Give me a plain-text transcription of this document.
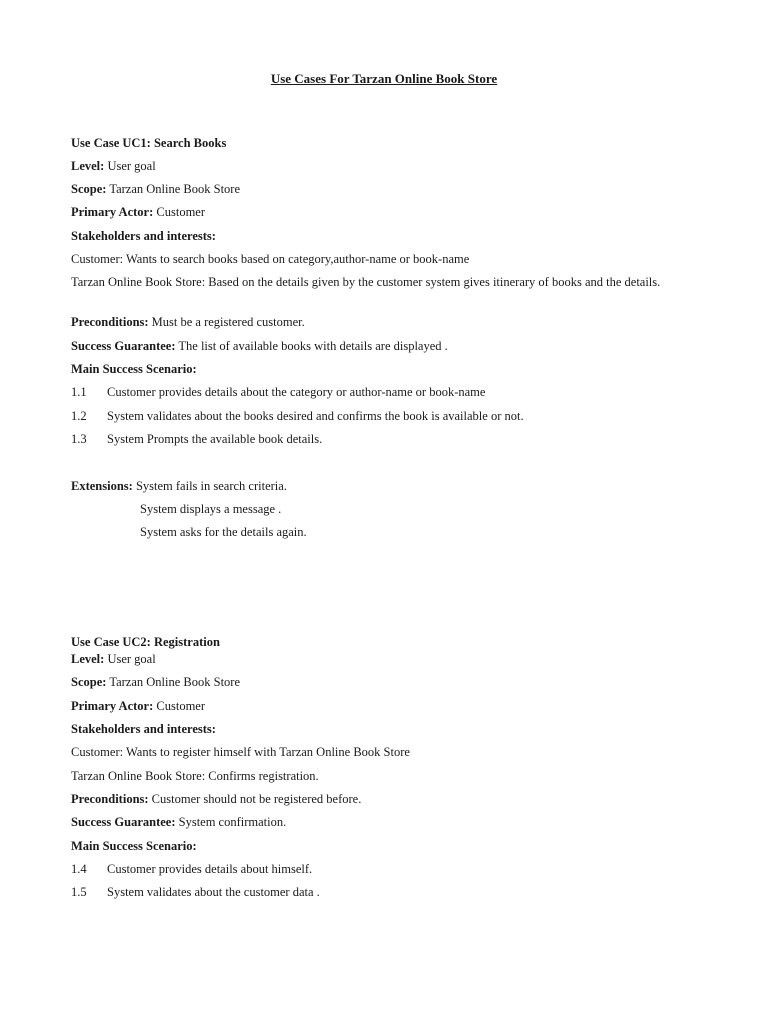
Use Cases For Tarzan Online Book Store
Use Case UC1: Search Books
Level: User goal
Scope: Tarzan Online Book Store
Primary Actor: Customer
Stakeholders and interests:
Customer: Wants to search books based on category,author-name or book-name
Tarzan Online Book Store: Based on the details given by the customer system gives itinerary of books and the details.
Preconditions: Must be a registered customer.
Success Guarantee: The list of available books with details are displayed .
Main Success Scenario:
1.1 Customer provides details about the category or author-name or book-name
1.2 System validates about the books desired and confirms the book is available or not.
1.3 System Prompts the available book details.
Extensions: System fails in search criteria.
System displays a message .
System asks for the details again.
Use Case UC2: Registration
Level: User goal
Scope: Tarzan Online Book Store
Primary Actor: Customer
Stakeholders and interests:
Customer: Wants to register himself with Tarzan Online Book Store
Tarzan Online Book Store: Confirms registration.
Preconditions: Customer should not be registered before.
Success Guarantee: System confirmation.
Main Success Scenario:
1.4 Customer provides details about himself.
1.5 System validates about the customer data .
